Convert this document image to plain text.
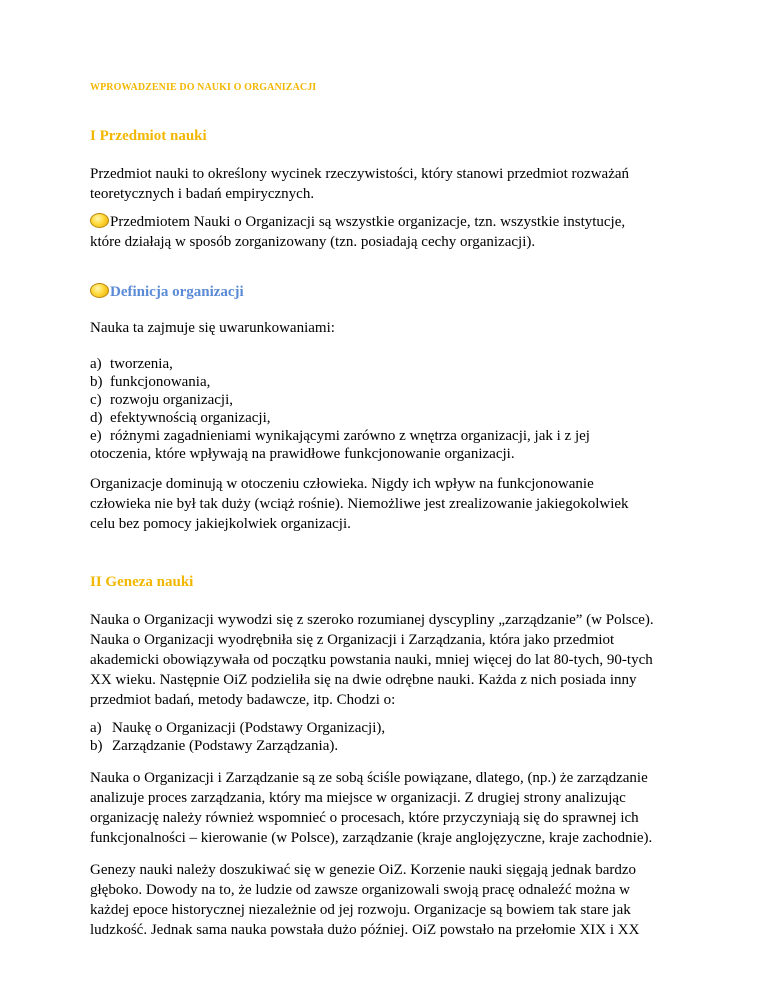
WPROWADZENIE DO NAUKI O ORGANIZACJI
I Przedmiot nauki

Przedmiot nauki to określony wycinek rzeczywistości, który stanowi przedmiot rozważań
teoretycznych i badań empirycznych.

Przedmiotem Nauki o Organizacji są wszystkie organizacje, tzn. wszystkie instytucje,
które działają w sposób zorganizowany (tzn. posiadają cechy organizacji).

Definicja organizacji

Nauka ta zajmuje się uwarunkowaniami:

a) tworzenia,
b) funkcjonowania,
c) rozwoju organizacji,
d) efektywnością organizacji,
e) różnymi zagadnieniami wynikającymi zarówno z wnętrza organizacji, jak i z jej
otoczenia, które wpływają na prawidłowe funkcjonowanie organizacji.

Organizacje dominują w otoczeniu człowieka. Nigdy ich wpływ na funkcjonowanie
człowieka nie był tak duży (wciąż rośnie). Niemożliwe jest zrealizowanie jakiegokolwiek
celu bez pomocy jakiejkolwiek organizacji.

II Geneza nauki

Nauka o Organizacji wywodzi się z szeroko rozumianej dyscypliny „zarządzanie” (w Polsce).
Nauka o Organizacji wyodrębniła się z Organizacji i Zarządzania, która jako przedmiot
akademicki obowiązywała od początku powstania nauki, mniej więcej do lat 80-tych, 90-tych
XX wieku. Następnie OiZ podzieliła się na dwie odrębne nauki. Każda z nich posiada inny
przedmiot badań, metody badawcze, itp. Chodzi o:

a) Naukę o Organizacji (Podstawy Organizacji),
b) Zarządzanie (Podstawy Zarządzania).

Nauka o Organizacji i Zarządzanie są ze sobą ściśle powiązane, dlatego, (np.) że zarządzanie
analizuje proces zarządzania, który ma miejsce w organizacji. Z drugiej strony analizując
organizację należy również wspomnieć o procesach, które przyczyniają się do sprawnej ich
funkcjonalności – kierowanie (w Polsce), zarządzanie (kraje anglojęzyczne, kraje zachodnie).

Genezy nauki należy doszukiwać się w genezie OiZ. Korzenie nauki sięgają jednak bardzo
głęboko. Dowody na to, że ludzie od zawsze organizowali swoją pracę odnaleźć można w
każdej epoce historycznej niezależnie od jej rozwoju. Organizacje są bowiem tak stare jak
ludzkość. Jednak sama nauka powstała dużo później. OiZ powstało na przełomie XIX i XX
